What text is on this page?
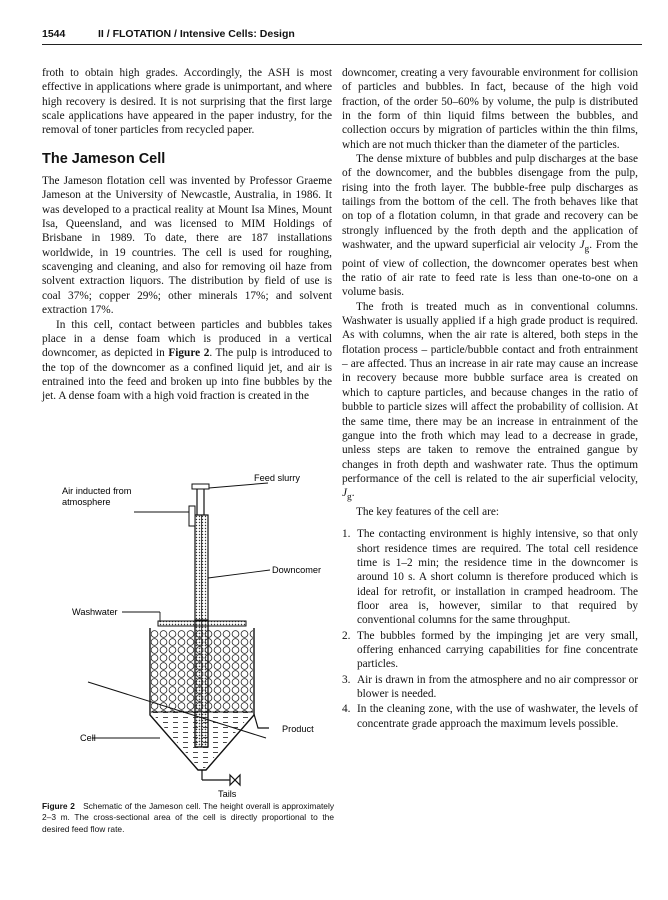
1544	II / FLOTATION / Intensive Cells: Design

froth to obtain high grades. Accordingly, the ASH is most effective in applications where grade is unimportant, and where high recovery is desired. It is not surprising that the first large scale applications have appeared in the paper industry, for the removal of toner particles from recycled paper.

The Jameson Cell

The Jameson flotation cell was invented by Professor Graeme Jameson at the University of Newcastle, Australia, in 1986. It was developed to a practical reality at Mount Isa Mines, Mount Isa, Queensland, and was licensed to MIM Holdings of Brisbane in 1989. To date, there are 187 installations worldwide, in 19 countries. The cell is used for roughing, scavenging and cleaning, and also for removing oil haze from solvent extraction liquors. The distribution by field of use is coal 37%; copper 29%; other minerals 17%; and solvent extraction 17%.

In this cell, contact between particles and bubbles takes place in a dense foam which is produced in a vertical downcomer, as depicted in Figure 2. The pulp is introduced to the top of the downcomer as a confined liquid jet, and air is entrained into the feed and broken up into fine bubbles by the jet. A dense foam with a high void fraction is created in the

Feed slurry
Air inducted from
atmosphere
Downcomer
Washwater
Cell
Product
Tails
Figure 2 Schematic of the Jameson cell. The height overall is approximately 2–3 m. The cross-sectional area of the cell is directly proportional to the desired feed flow rate.

downcomer, creating a very favourable environment for collision of particles and bubbles. In fact, because of the high void fraction, of the order 50–60% by volume, the pulp is distributed in the form of thin liquid films between the bubbles, and collection occurs by migration of particles within the thin films, which are not much thicker than the diameter of the particles.

The dense mixture of bubbles and pulp discharges at the base of the downcomer, and the bubbles disengage from the pulp, rising into the froth layer. The bubble-free pulp discharges as tailings from the bottom of the cell. The froth behaves like that on top of a flotation column, in that grade and recovery can be strongly influenced by the froth depth and the application of washwater, and the upward superficial air velocity $J_g$. From the point of view of collection, the downcomer operates best when the ratio of air rate to feed rate is less than one-to-one on a volume basis.

The froth is treated much as in conventional columns. Washwater is usually applied if a high grade product is required. As with columns, when the air rate is altered, both steps in the flotation process – particle/bubble contact and froth entrainment – are affected. Thus an increase in air rate may cause an increase in recovery because more bubble surface area is created on which to capture particles, and because changes in the ratio of bubble to particle sizes will affect the probability of collision. At the same time, there may be an increase in entrainment of the gangue into the froth which may lead to a decrease in grade, unless steps are taken to remove the entrained gangue by changes in froth depth and washwater rate. Thus the optimum performance of the cell is related to the air superficial velocity, $J_g$.

The key features of the cell are:

1. The contacting environment is highly intensive, so that only short residence times are required. The total cell residence time is 1–2 min; the residence time in the downcomer is around 10 s. A short column is therefore produced which is ideal for retrofit, or installation in cramped headroom. The floor area is, however, similar to that required by conventional columns for the same throughput.
2. The bubbles formed by the impinging jet are very small, offering enhanced carrying capabilities for fine concentrate particles.
3. Air is drawn in from the atmosphere and no air compressor or blower is needed.
4. In the cleaning zone, with the use of washwater, the levels of concentrate grade approach the maximum levels possible.
